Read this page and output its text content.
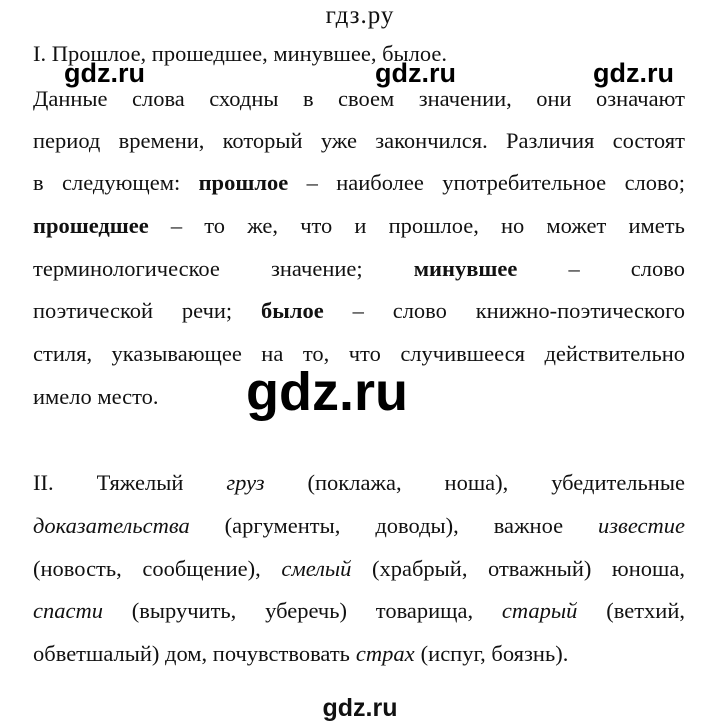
гдз.ру
I. Прошлое, прошедшее, минувшее, былое.
Данные слова сходны в своем значении, они означают
период времени, который уже закончился. Различия состоят
в следующем: прошлое – наиболее употребительное слово;
прошедшее – то же, что и прошлое, но может иметь
терминологическое значение; минувшее – слово
поэтической речи; былое – слово книжно-поэтического
стиля, указывающее на то, что случившееся действительно
имело место.
II. Тяжелый груз (поклажа, ноша), убедительные
доказательства (аргументы, доводы), важное известие
(новость, сообщение), смелый (храбрый, отважный) юноша,
спасти (выручить, уберечь) товарища, старый (ветхий,
обветшалый) дом, почувствовать страх (испуг, боязнь).
gdz.ru	gdz.ru	gdz.ru
gdz.ru
gdz.ru
